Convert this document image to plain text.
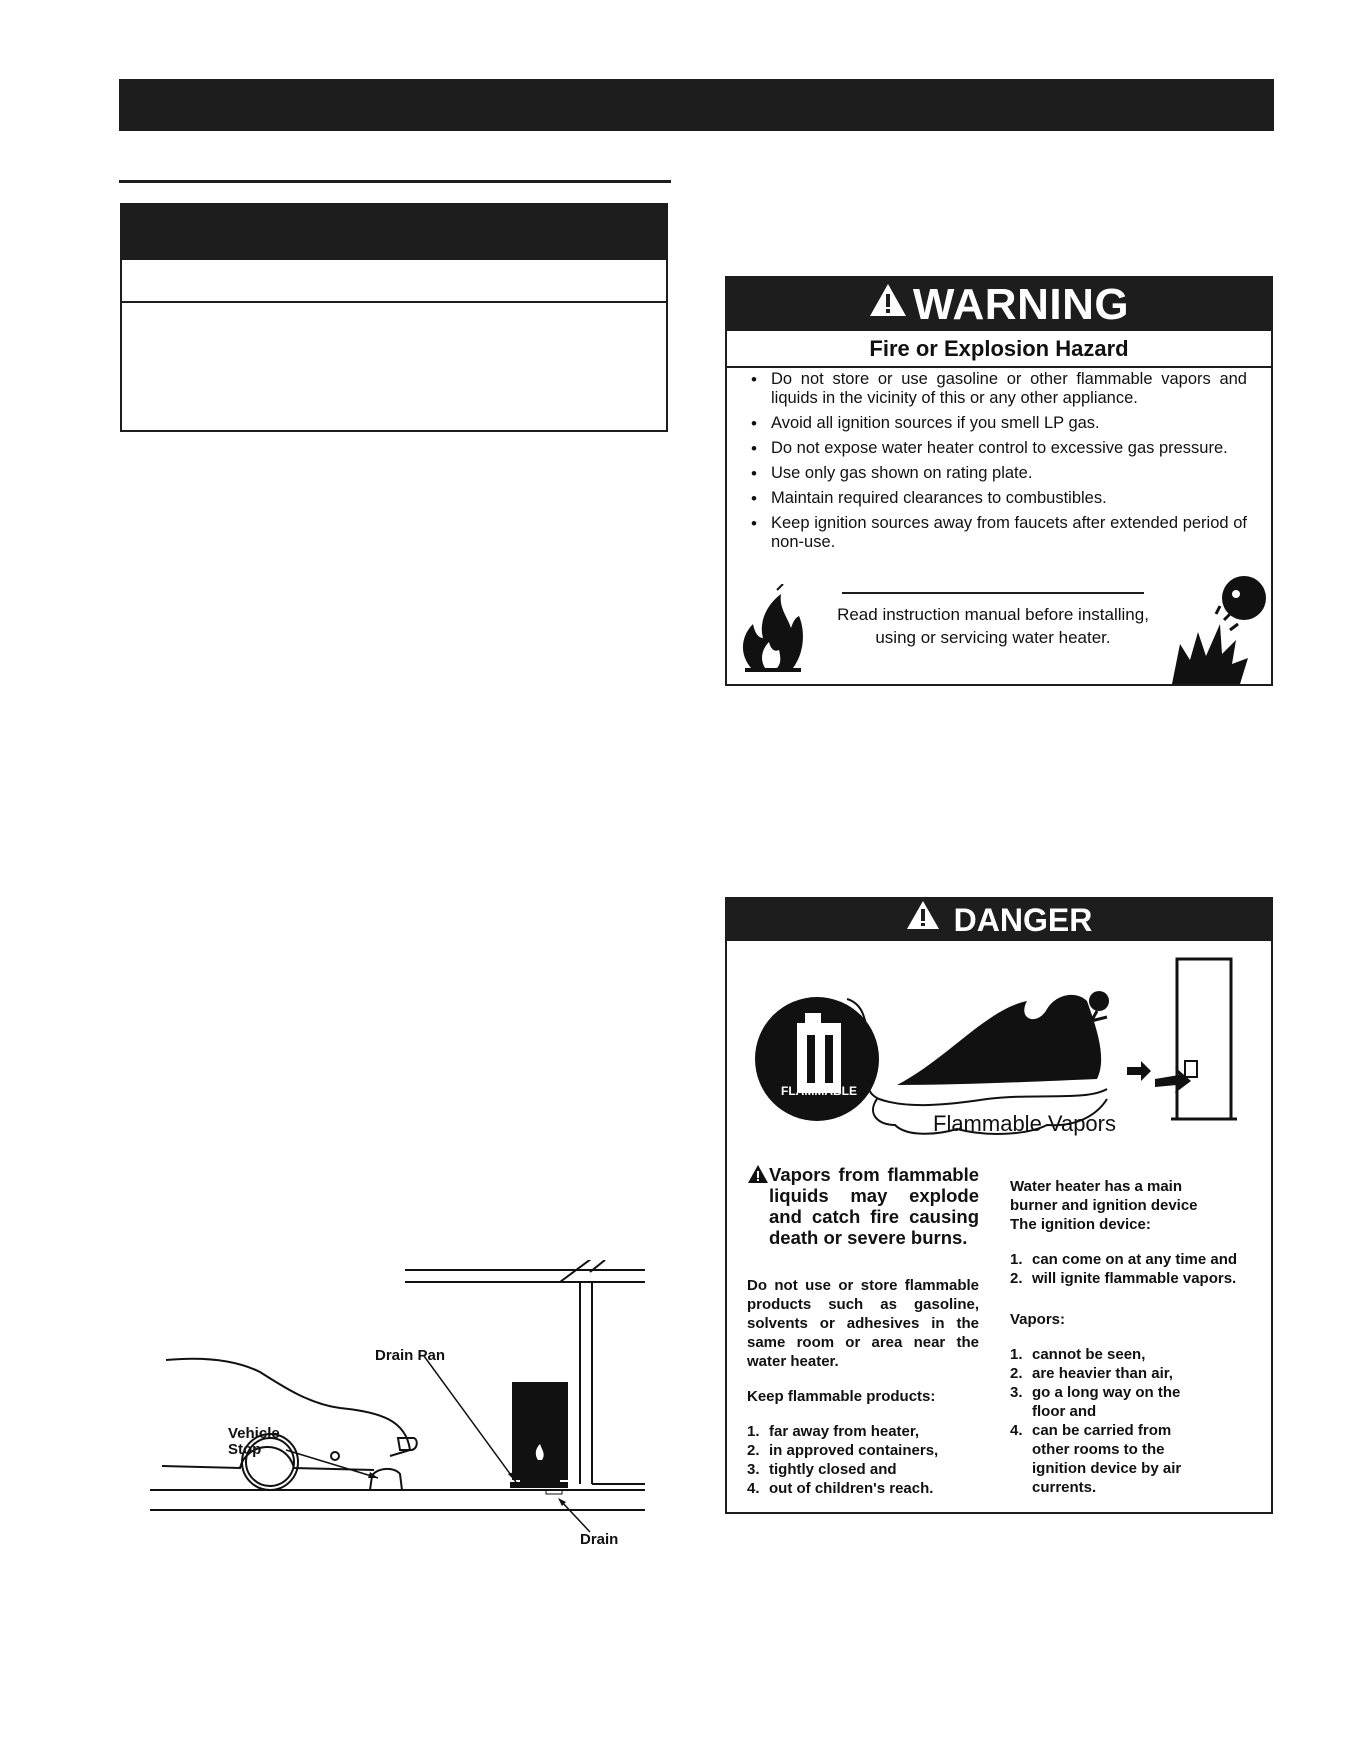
WARNING
Fire or Explosion Hazard
• Do not store or use gasoline or other flammable vapors and liquids in the vicinity of this or any other appliance.
• Avoid all ignition sources if you smell LP gas.
• Do not expose water heater control to excessive gas pressure.
• Use only gas shown on rating plate.
• Maintain required clearances to combustibles.
• Keep ignition sources away from faucets after extended period of non-use.
Read instruction manual before installing, using or servicing water heater.
Drain Pan
Vehicle Stop
Drain
DANGER
FLAMMABLE
Flammable Vapors

Vapors from flammable liquids may explode and catch fire causing death or severe burns.

Do not use or store flammable products such as gasoline, solvents or adhesives in the same room or area near the water heater.

Keep flammable products:

1. far away from heater,
2. in approved containers,
3. tightly closed and
4. out of children's reach.

Water heater has a main burner and ignition device

The ignition device:

1. can come on at any time and
2. will ignite flammable vapors.

Vapors:

1. cannot be seen,
2. are heavier than air,
3. go a long way on the floor and
4. can be carried from other rooms to the ignition device by air currents.
